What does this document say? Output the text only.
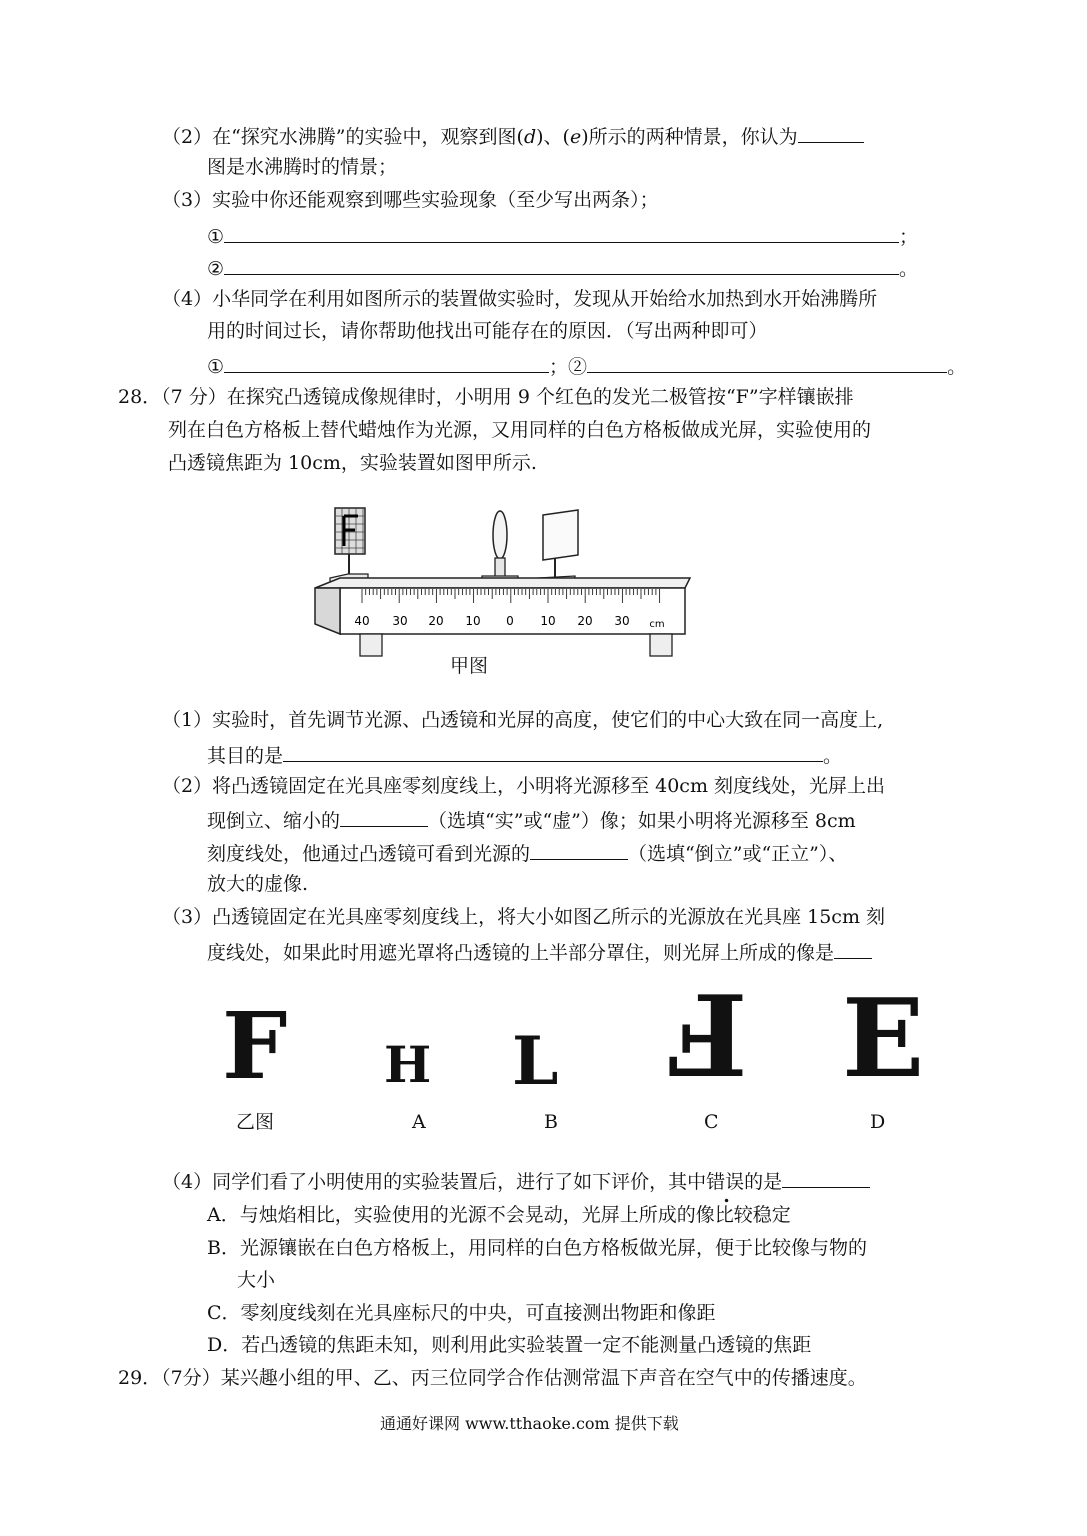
（2）在“探究水沸腾”的实验中，观察到图(d)、(e)所示的两种情景，你认为
图是水沸腾时的情景；
（3）实验中你还能观察到哪些实验现象（至少写出两条）；
①	；
②	。
（4）小华同学在利用如图所示的装置做实验时，发现从开始给水加热到水开始沸腾所
用的时间过长，请你帮助他找出可能存在的原因．（写出两种即可）
①	；②	。
28．（7 分）在探究凸透镜成像规律时，小明用 9 个红色的发光二极管按“F”字样镶嵌排
列在白色方格板上替代蜡烛作为光源，又用同样的白色方格板做成光屏，实验使用的
凸透镜焦距为 10cm，实验装置如图甲所示.
40 30 20 10 0 10 20 30 cm
甲图
（1）实验时，首先调节光源、凸透镜和光屏的高度，使它们的中心大致在同一高度上,
其目的是	。
（2）将凸透镜固定在光具座零刻度线上，小明将光源移至 40cm 刻度线处，光屏上出
现倒立、缩小的	（选填“实”或“虚”）像；如果小明将光源移至 8cm
刻度线处，他通过凸透镜可看到光源的	（选填“倒立”或“正立”）、
放大的虚像.
（3）凸透镜固定在光具座零刻度线上，将大小如图乙所示的光源放在光具座 15cm 刻
度线处，如果此时用遮光罩将凸透镜的上半部分罩住，则光屏上所成的像是
F H L Ⅎ E
乙图	A	B	C	D
（4）同学们看了小明使用的实验装置后，进行了如下评价，其中错误的是
A．与烛焰相比，实验使用的光源不会晃动，光屏上所成的像比较稳定
B．光源镶嵌在白色方格板上，用同样的白色方格板做光屏，便于比较像与物的
大小
C．零刻度线刻在光具座标尺的中央，可直接测出物距和像距
D．若凸透镜的焦距未知，则利用此实验装置一定不能测量凸透镜的焦距
29．（7分）某兴趣小组的甲、乙、丙三位同学合作估测常温下声音在空气中的传播速度。
通通好课网 www.tthaoke.com 提供下载
